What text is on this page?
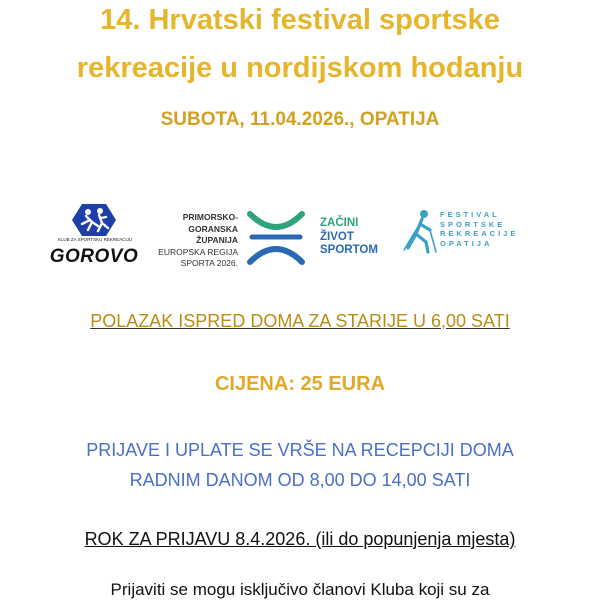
14. Hrvatski festival sportske
rekreacije u nordijskom hodanju
SUBOTA, 11.04.2026., OPATIJA
KLUB ZA SPORTSKU REKREACIJU
GOROVO
PRIMORSKO-
GORANSKA ŽUPANIJA
EUROPSKA REGIJA
SPORTA 2026.
ZAČINI
ŽIVOT
SPORTOM
FESTIVAL
SPORTSKE
REKREACIJE
OPATIJA

POLAZAK ISPRED DOMA ZA STARIJE U 6,00 SATI

CIJENA: 25 EURA

PRIJAVE I UPLATE SE VRŠE NA RECEPCIJI DOMA

RADNIM DANOM OD 8,00 DO 14,00 SATI

ROK ZA PRIJAVU 8.4.2026. (ili do popunjenja mjesta)

Prijaviti se mogu isključivo članovi Kluba koji su za
